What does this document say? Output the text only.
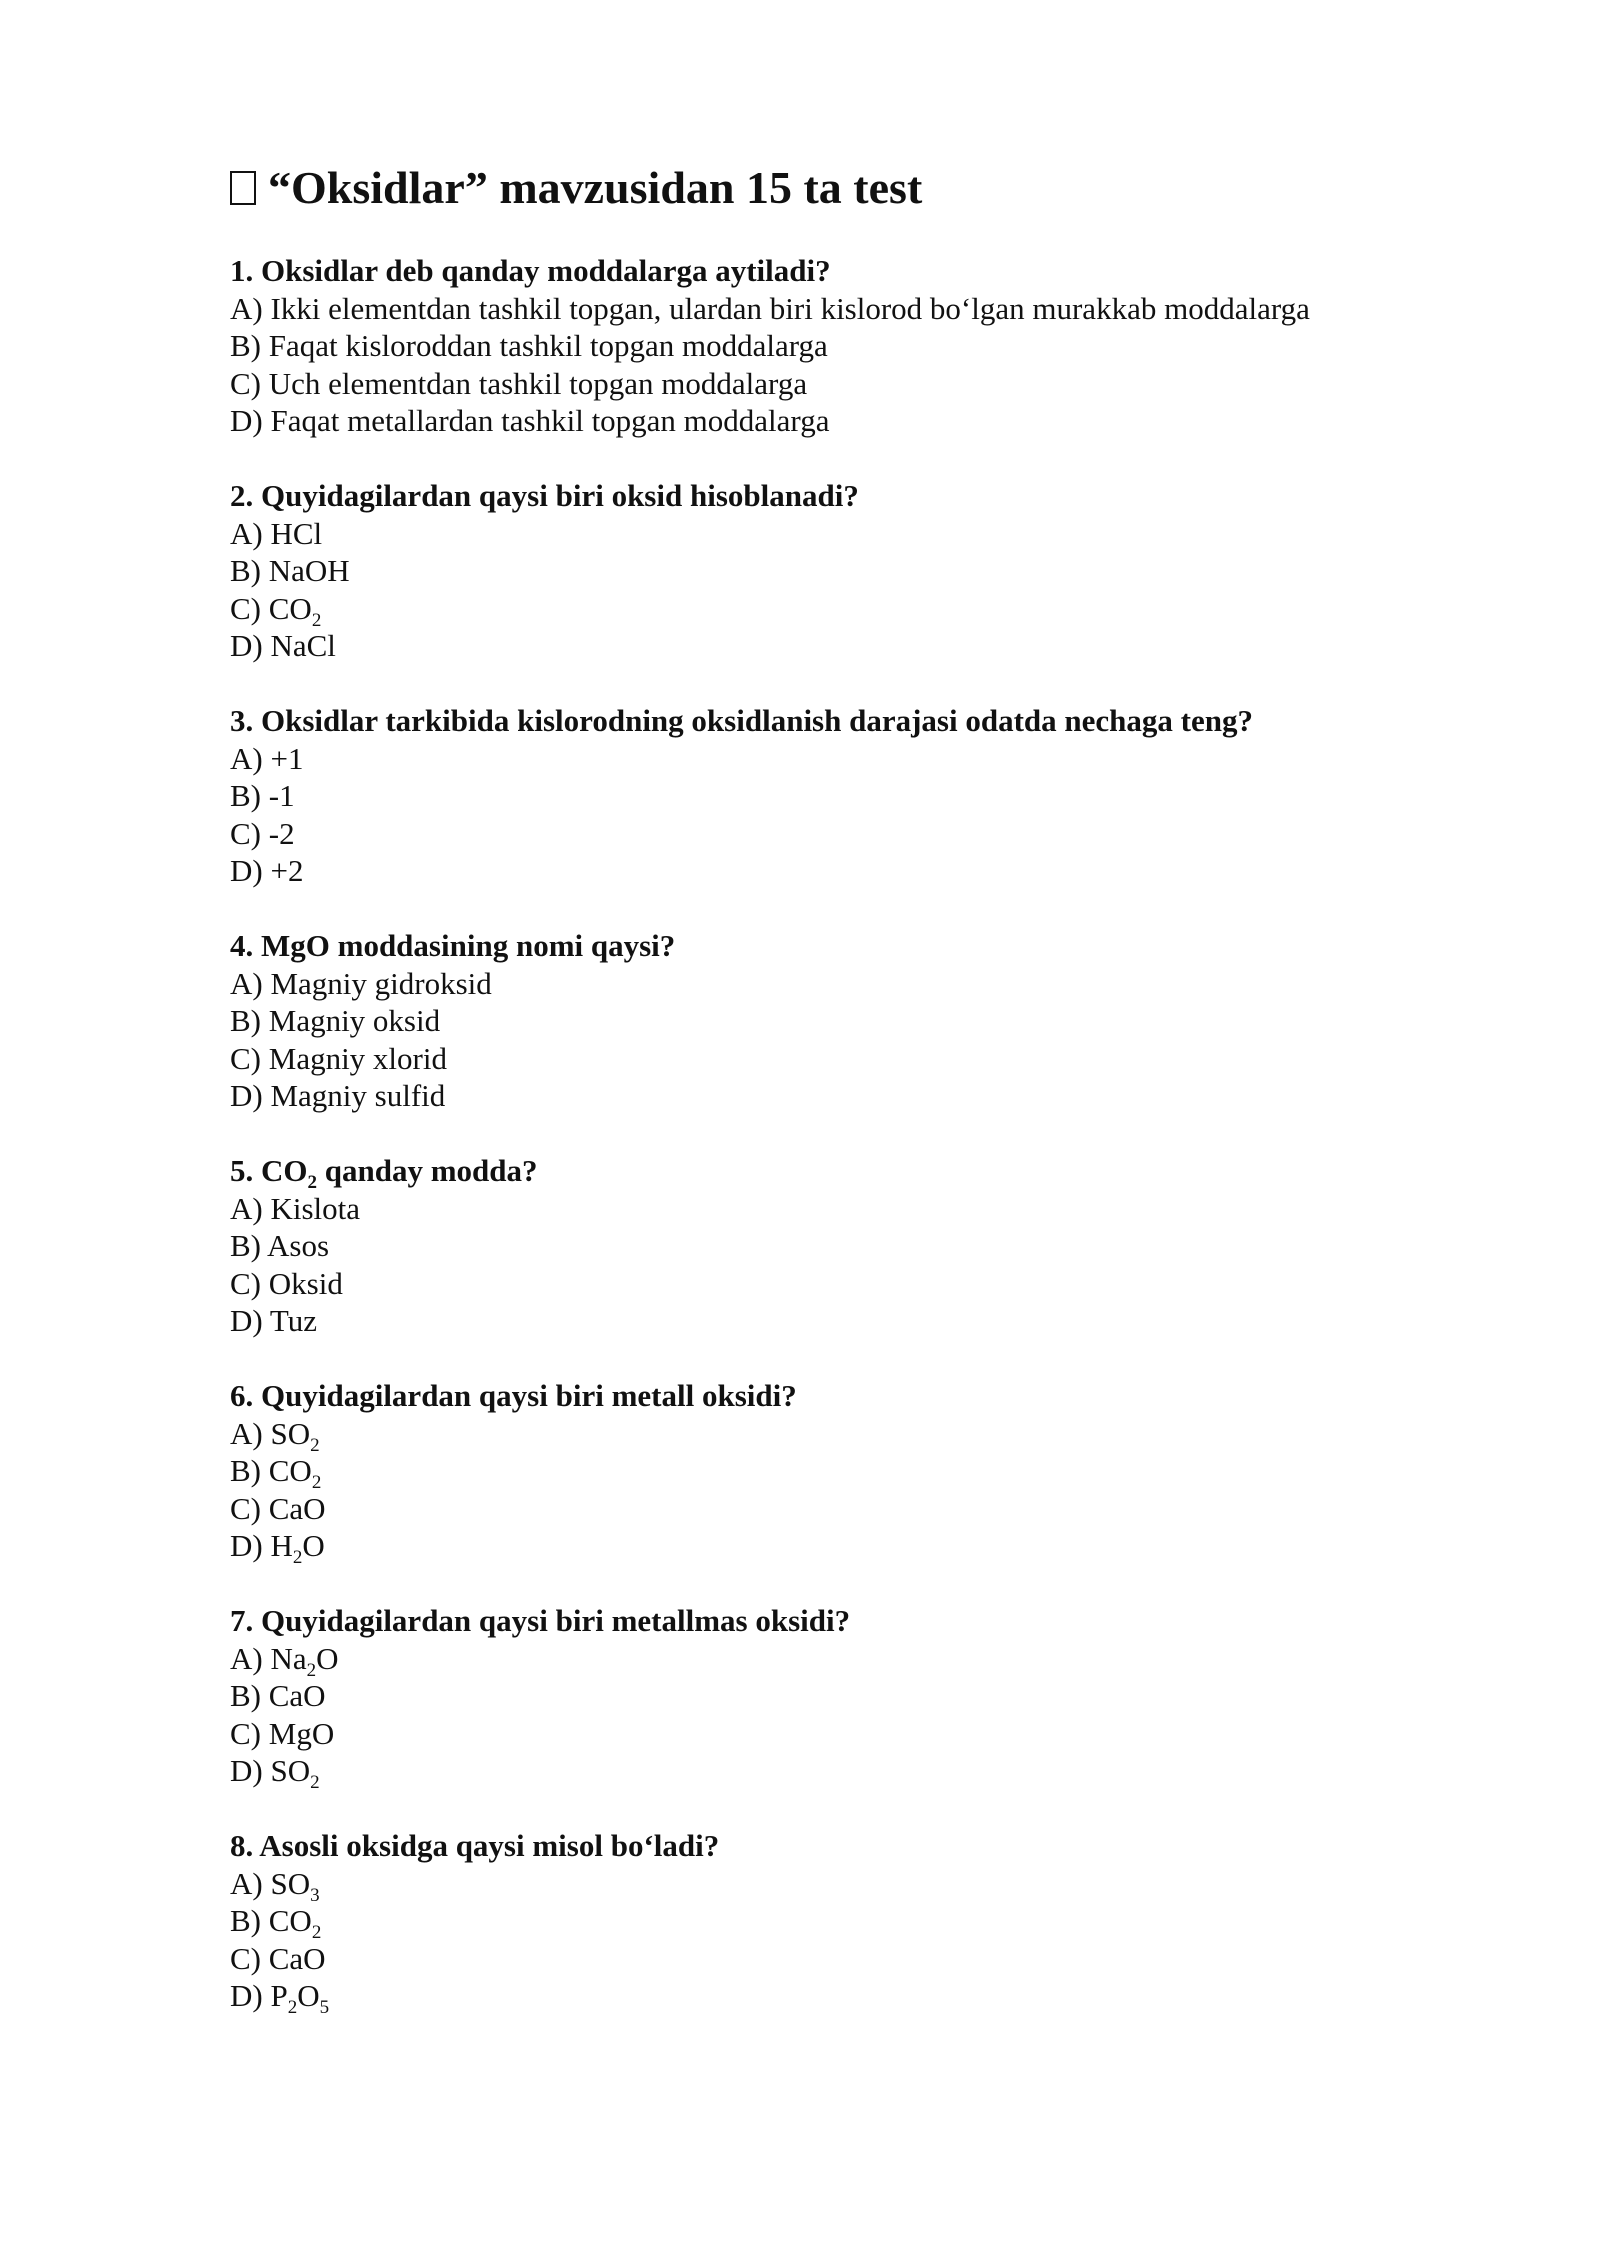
“Oksidlar” mavzusidan 15 ta test
1. Oksidlar deb qanday moddalarga aytiladi?
A) Ikki elementdan tashkil topgan, ulardan biri kislorod bo‘lgan murakkab moddalarga
B) Faqat kisloroddan tashkil topgan moddalarga
C) Uch elementdan tashkil topgan moddalarga
D) Faqat metallardan tashkil topgan moddalarga
2. Quyidagilardan qaysi biri oksid hisoblanadi?
A) HCl
B) NaOH
C) $CO_2$
D) NaCl
3. Oksidlar tarkibida kislorodning oksidlanish darajasi odatda nechaga teng?
A) +1
B) -1
C) -2
D) +2
4. MgO moddasining nomi qaysi?
A) Magniy gidroksid
B) Magniy oksid
C) Magniy xlorid
D) Magniy sulfid
5. $CO_2$ qanday modda?
A) Kislota
B) Asos
C) Oksid
D) Tuz
6. Quyidagilardan qaysi biri metall oksidi?
A) $SO_2$
B) $CO_2$
C) CaO
D) $H_2O$
7. Quyidagilardan qaysi biri metallmas oksidi?
A) $Na_2O$
B) CaO
C) MgO
D) $SO_2$
8. Asosli oksidga qaysi misol bo‘ladi?
A) $SO_3$
B) $CO_2$
C) CaO
D) $P_2O_5$
